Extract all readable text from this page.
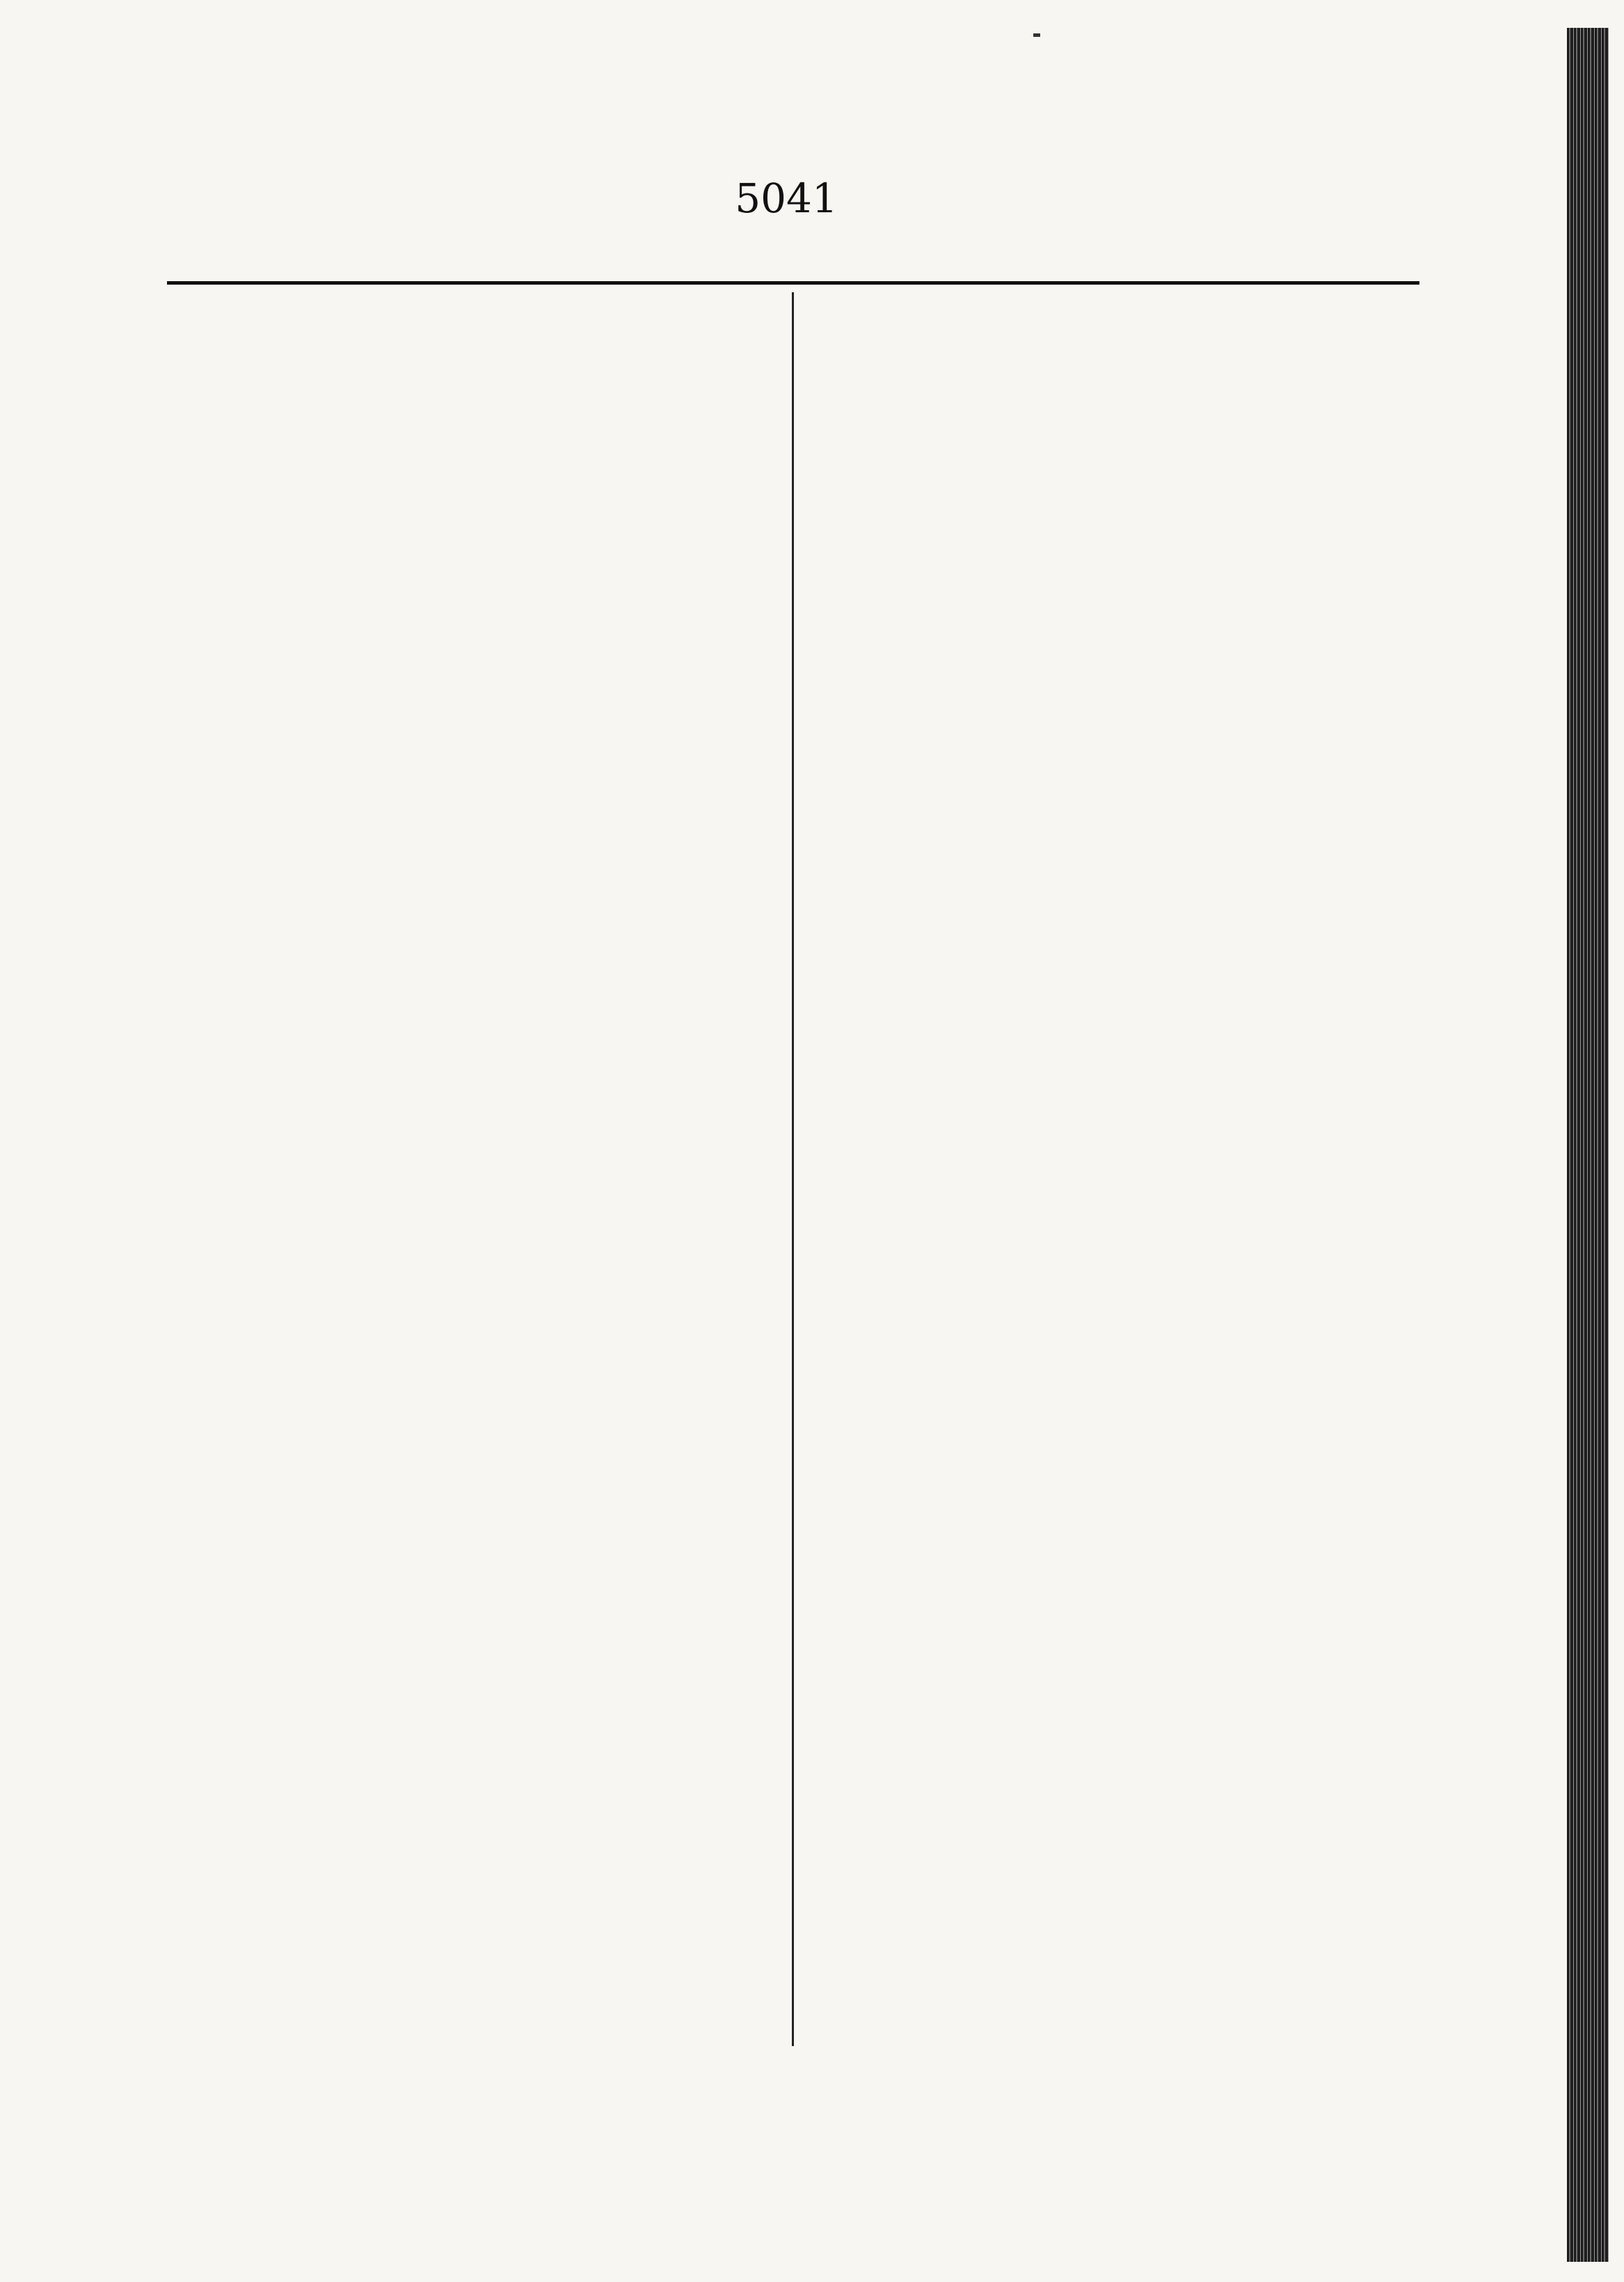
5041
